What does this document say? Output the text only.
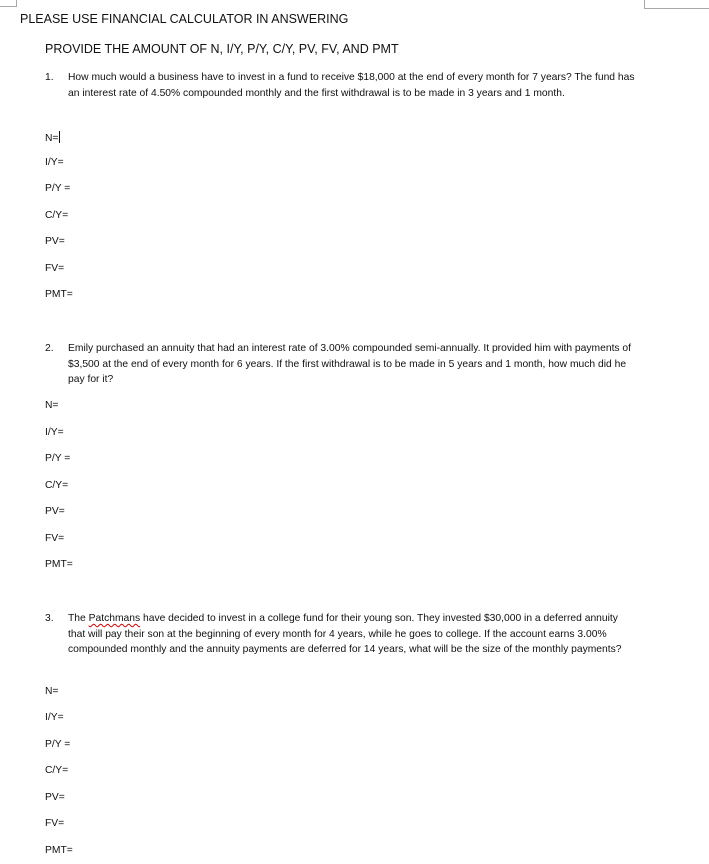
PLEASE USE FINANCIAL CALCULATOR IN ANSWERING
PROVIDE THE AMOUNT OF N, I/Y, P/Y, C/Y, PV, FV, AND PMT
1. How much would a business have to invest in a fund to receive $18,000 at the end of every month for 7 years? The fund has an interest rate of 4.50% compounded monthly and the first withdrawal is to be made in 3 years and 1 month.
N=
I/Y=
P/Y =
C/Y=
PV=
FV=
PMT=
2. Emily purchased an annuity that had an interest rate of 3.00% compounded semi-annually. It provided him with payments of $3,500 at the end of every month for 6 years. If the first withdrawal is to be made in 5 years and 1 month, how much did he pay for it?
N=
I/Y=
P/Y =
C/Y=
PV=
FV=
PMT=
3. The Patchmans have decided to invest in a college fund for their young son. They invested $30,000 in a deferred annuity that will pay their son at the beginning of every month for 4 years, while he goes to college. If the account earns 3.00% compounded monthly and the annuity payments are deferred for 14 years, what will be the size of the monthly payments?
N=
I/Y=
P/Y =
C/Y=
PV=
FV=
PMT=
